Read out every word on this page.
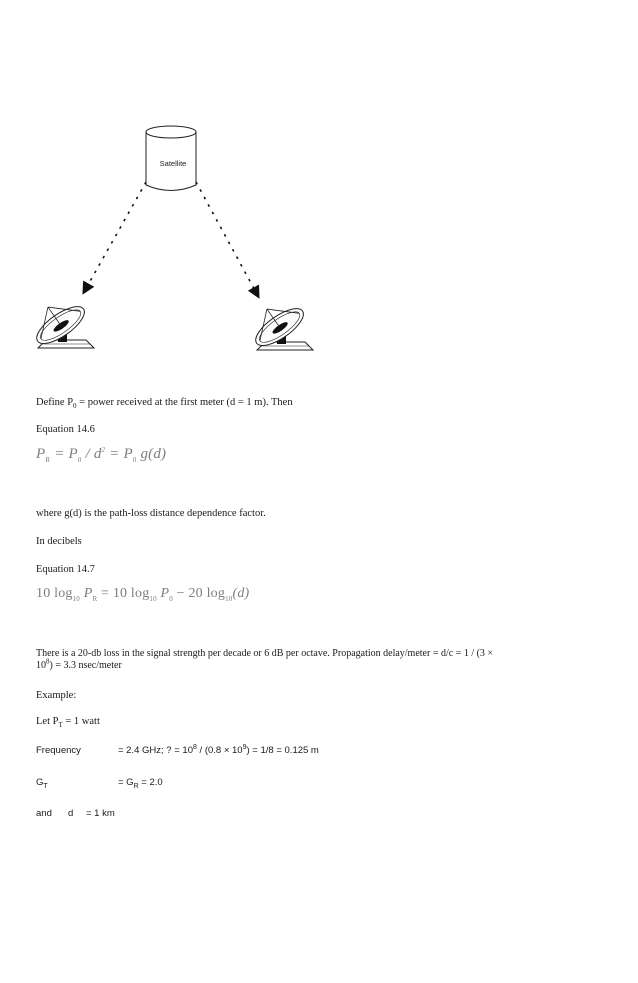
Satellite
Define $P_0$ = power received at the first meter (d = 1 m). Then
Equation 14.6
$P_R = P_0 / d^2 = P_0$ g(d)
where g(d) is the path-loss distance dependence factor.
In decibels
Equation 14.7
10 $\log_{10} P_R = 10$ $\log_{10} P_0 - 20$ $\log_{10}(d)$
There is a 20-db loss in the signal strength per decade or 6 dB per octave. Propagation delay/meter = d/c = 1 / (3 ×
$10^8) = 3.3$ nsec/meter
Example:
Let $P_T = 1$ watt
Frequency	= 2.4 GHz; ? = $10^8 / (0.8 \times 10^9) = 1/8 = 0.125$ m
$G_T$	= $G_R = 2.0$
and d = 1 km
